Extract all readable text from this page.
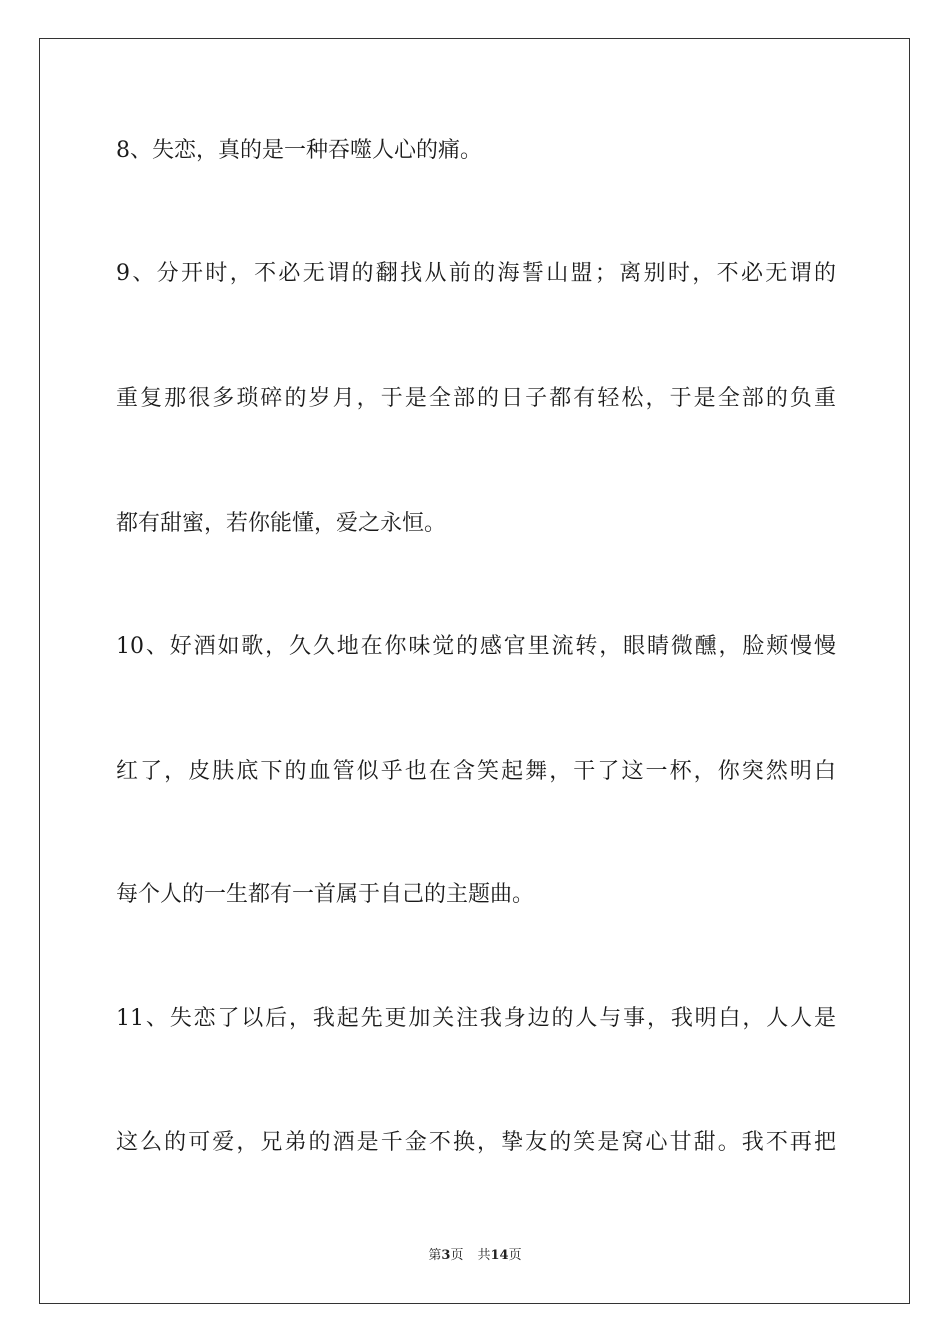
8、失恋，真的是一种吞噬人心的痛。
9、分开时，不必无谓的翻找从前的海誓山盟；离别时，不必无谓的
重复那很多琐碎的岁月，于是全部的日子都有轻松，于是全部的负重
都有甜蜜，若你能懂，爱之永恒。
10、好酒如歌，久久地在你味觉的感官里流转，眼睛微醺，脸颊慢慢
红了，皮肤底下的血管似乎也在含笑起舞，干了这一杯，你突然明白
每个人的一生都有一首属于自己的主题曲。
11、失恋了以后，我起先更加关注我身边的人与事，我明白，人人是
这么的可爱，兄弟的酒是千金不换，挚友的笑是窝心甘甜。我不再把
第3页 共14页
